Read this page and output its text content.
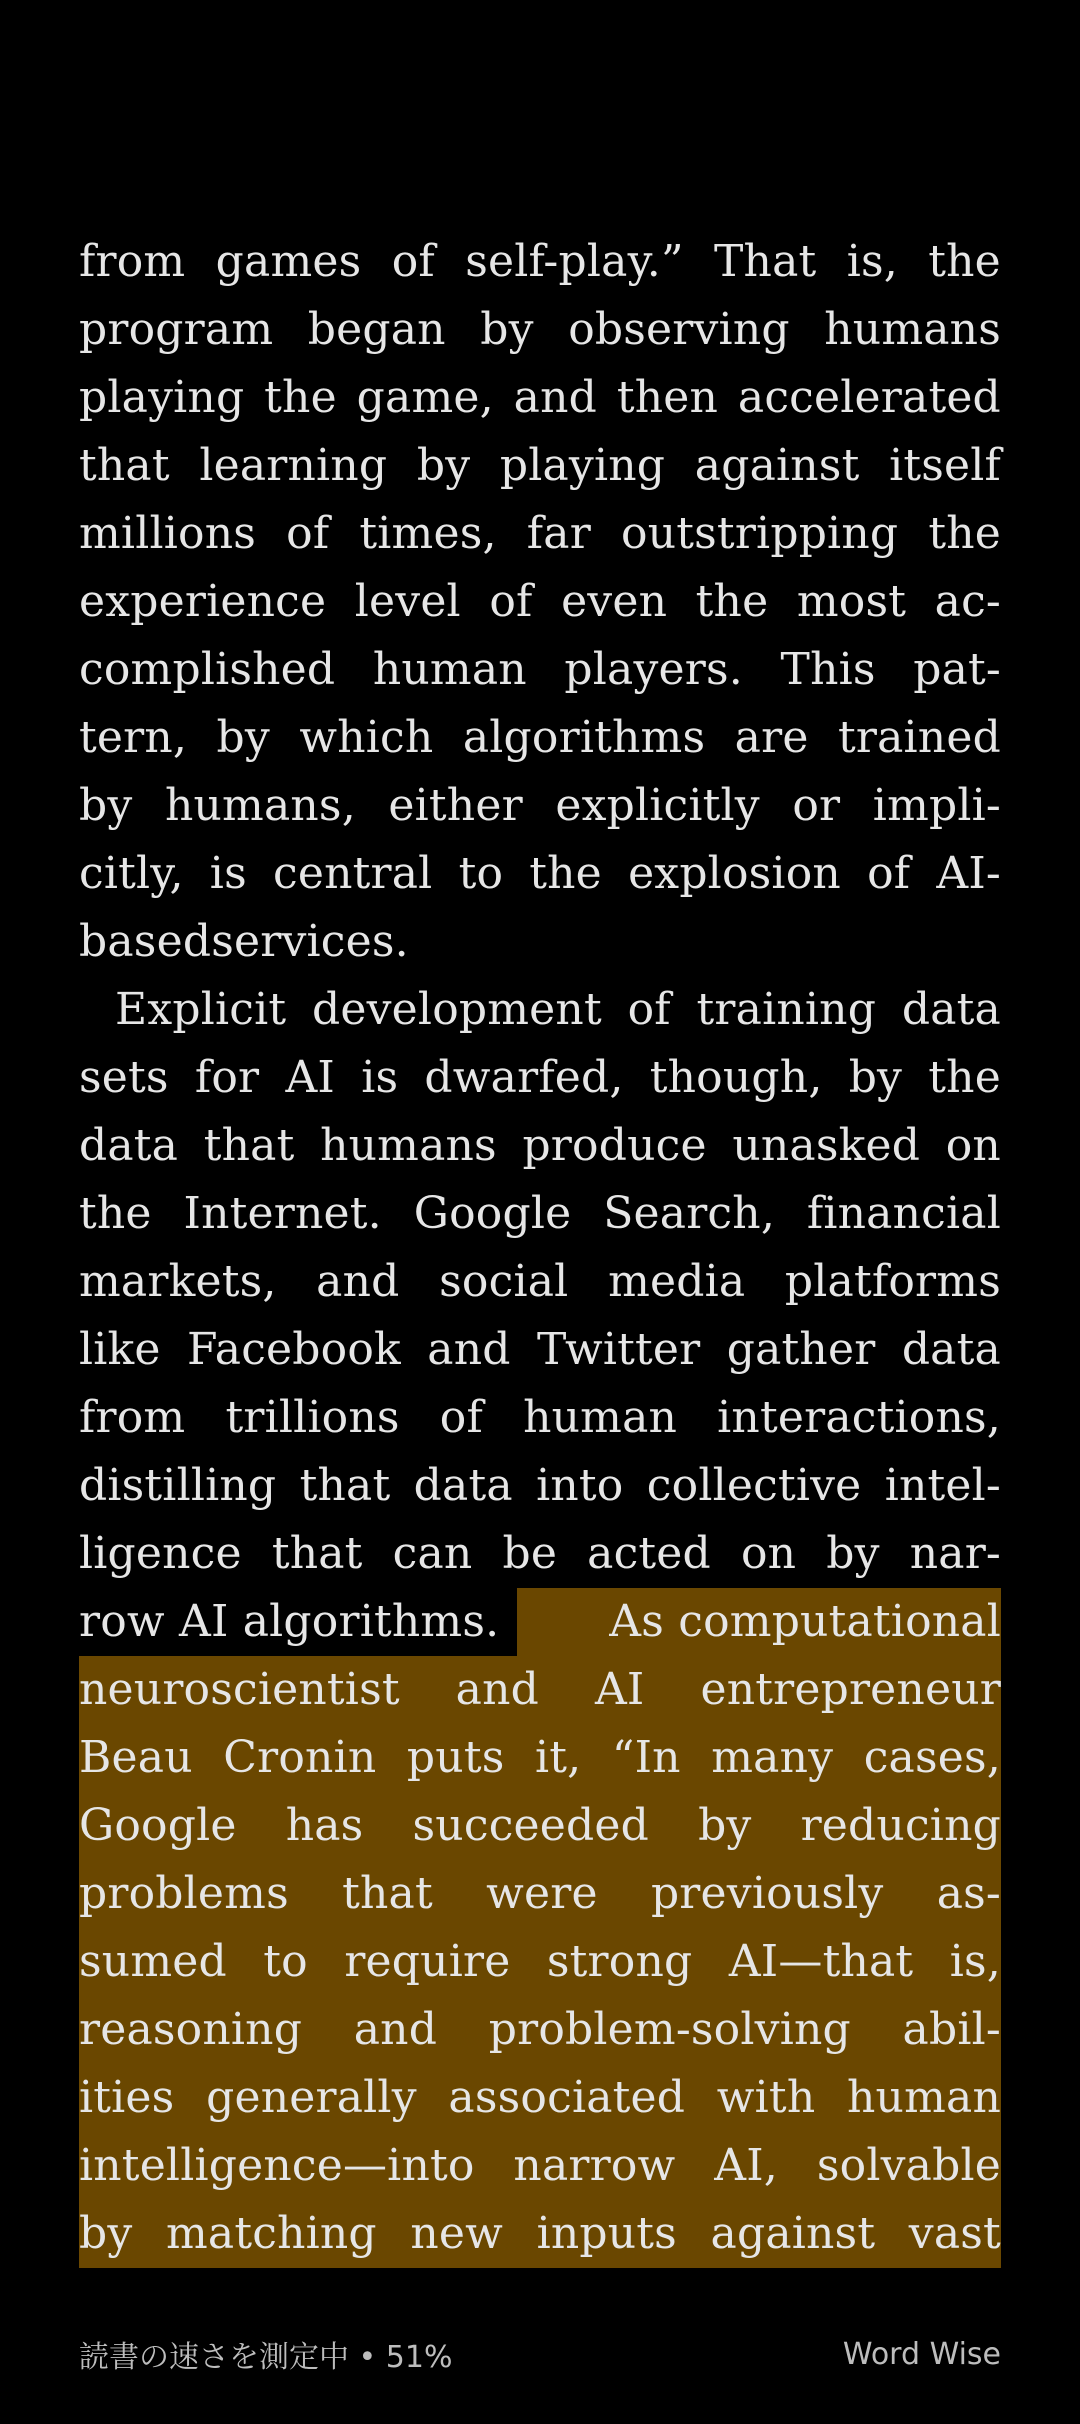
from games of self-play.” That is, the
program began by observing humans
playing the game, and then accelerated
that learning by playing against itself
millions of times, far outstripping the
experience level of even the most ac-
complished human players. This pat-
tern, by which algorithms are trained
by humans, either explicitly or impli-
citly, is central to the explosion of AI-
based services.
Explicit development of training data
sets for AI is dwarfed, though, by the
data that humans produce unasked on
the Internet. Google Search, financial
markets, and social media platforms
like Facebook and Twitter gather data
from trillions of human interactions,
distilling that data into collective intel-
ligence that can be acted on by nar-
row AI algorithms.	As computational
neuroscientist and AI entrepreneur
Beau Cronin puts it, “In many cases,
Google has succeeded by reducing
problems that were previously as-
sumed to require strong AI—that is,
reasoning and problem-solving abil-
ities generally associated with human
intelligence—into narrow AI, solvable
by matching new inputs against vast
読書の速さを測定中 • 51%	Word Wise
